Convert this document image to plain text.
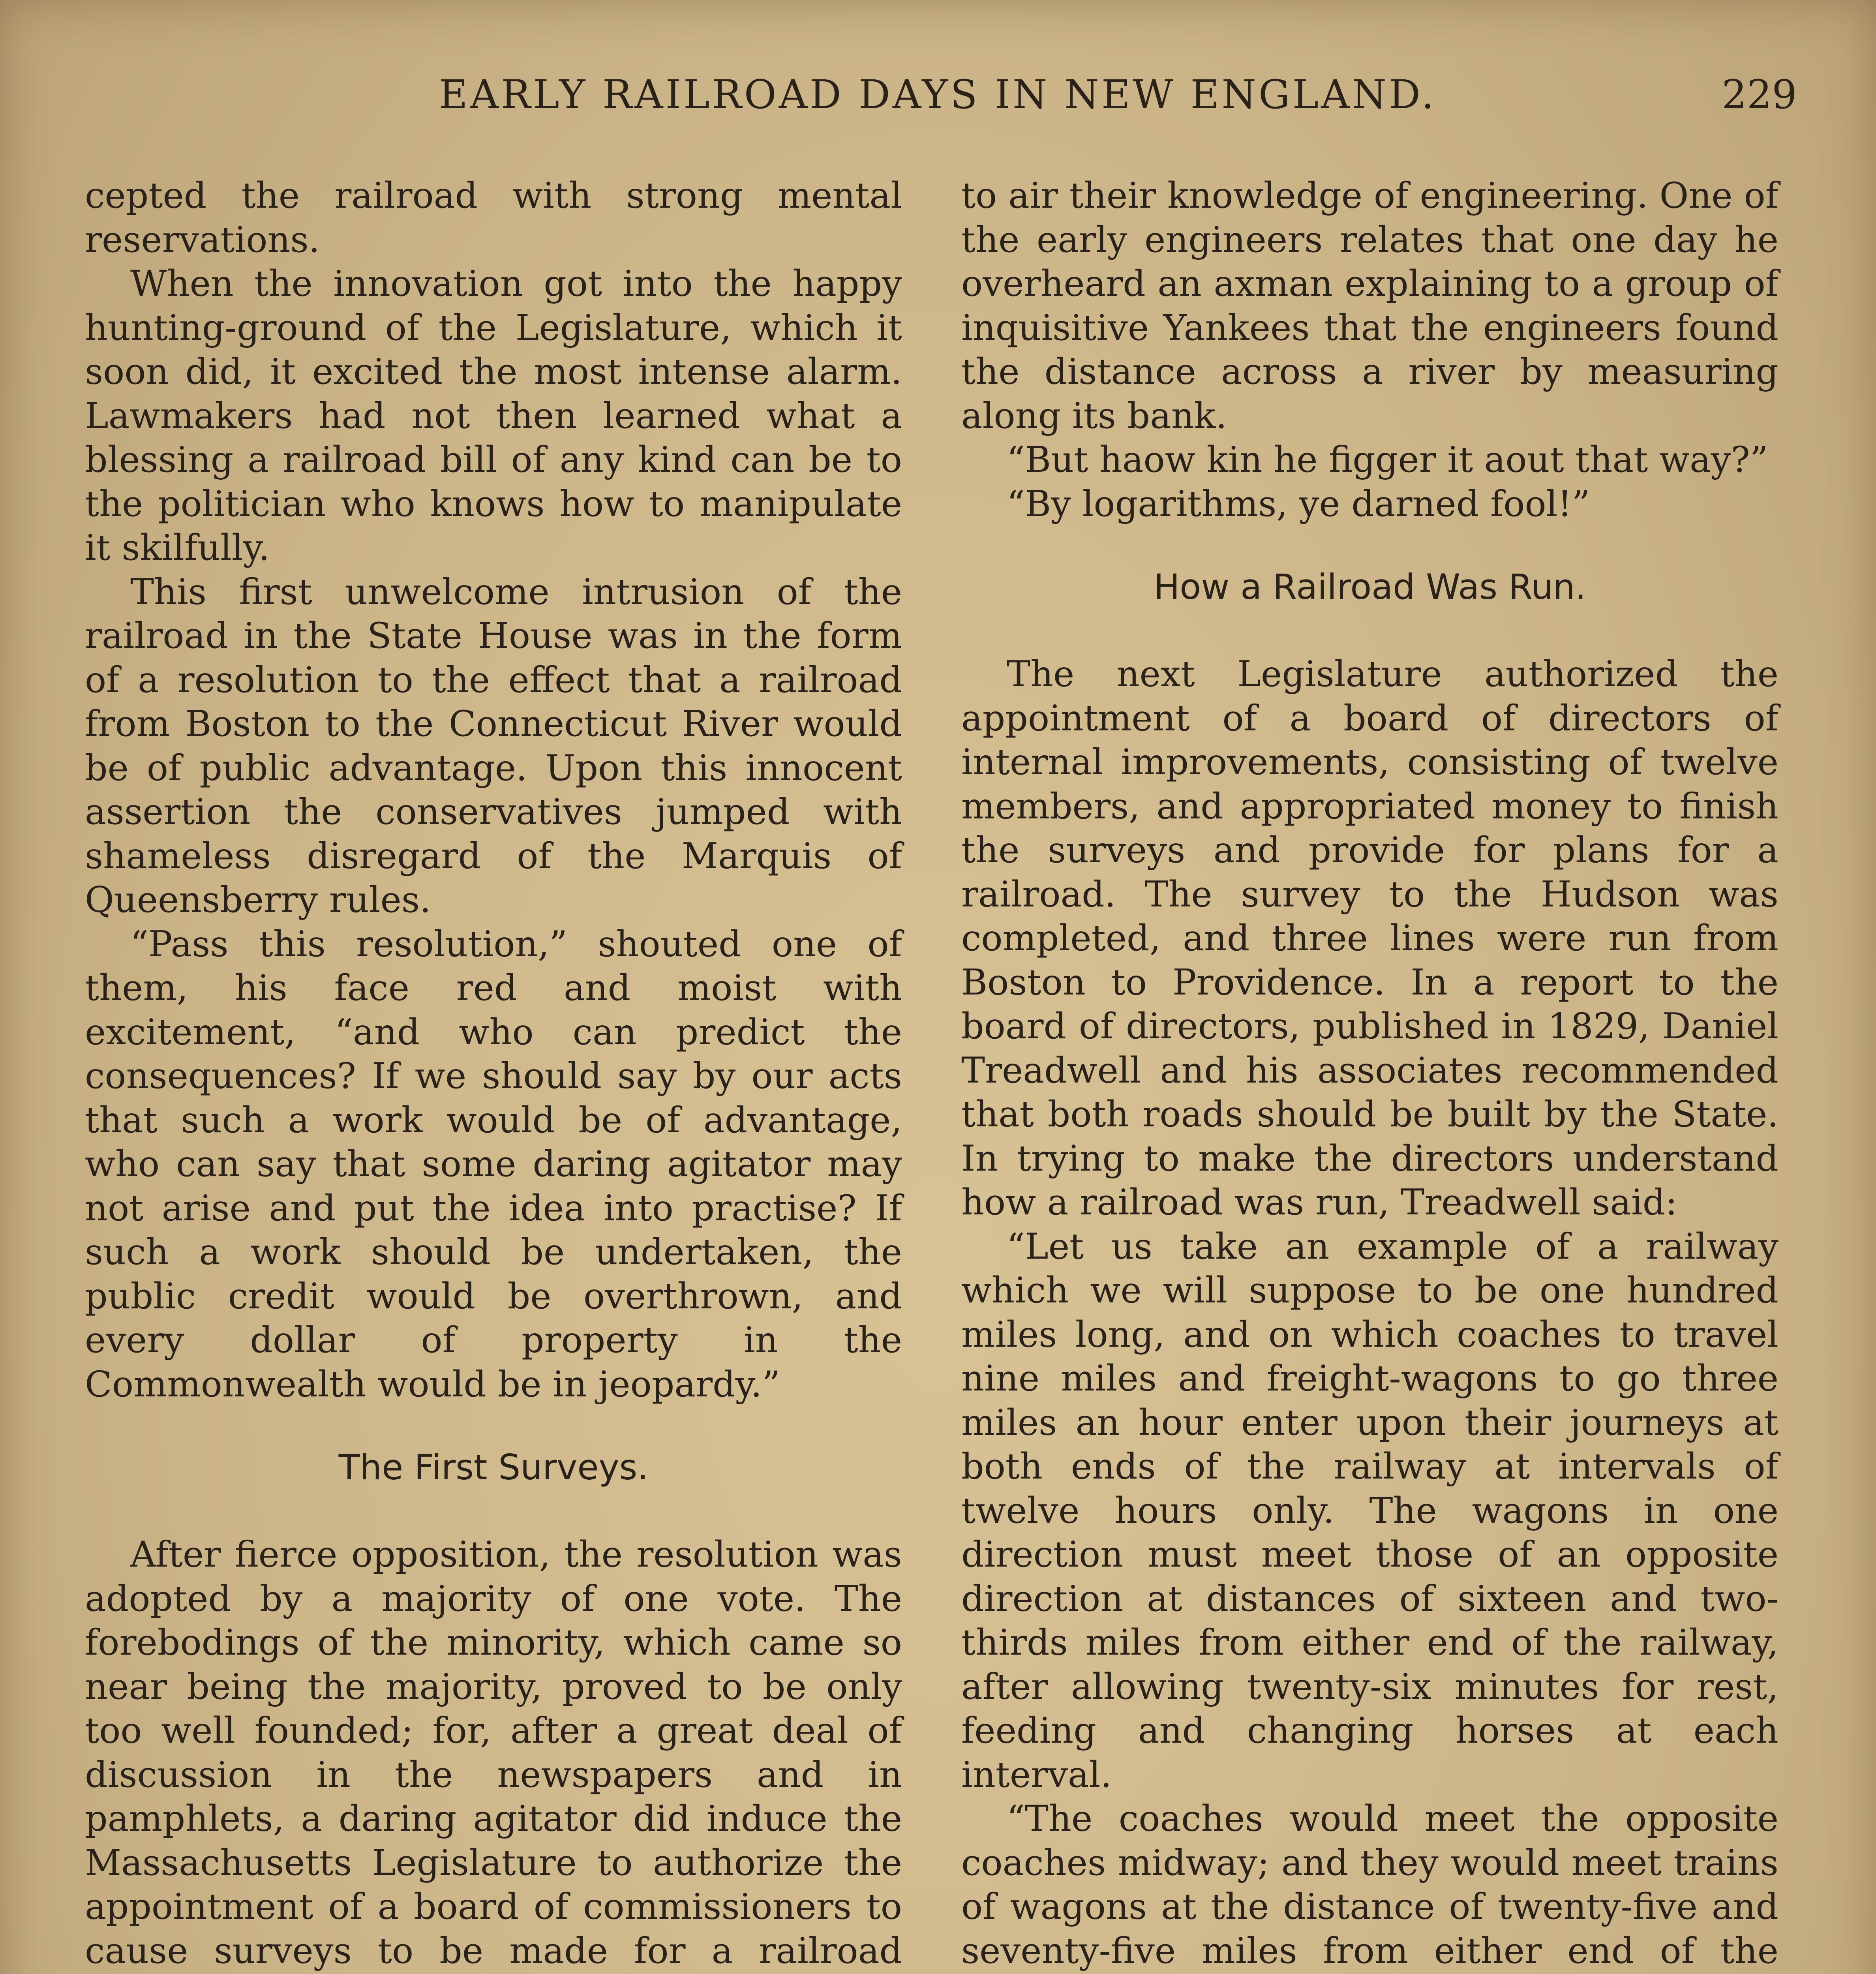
EARLY RAILROAD DAYS IN NEW ENGLAND.	229

cepted the railroad with strong mental reservations.

When the innovation got into the happy hunting-ground of the Legislature, which it soon did, it excited the most intense alarm. Lawmakers had not then learned what a blessing a railroad bill of any kind can be to the politician who knows how to manipulate it skilfully.

This first unwelcome intrusion of the railroad in the State House was in the form of a resolution to the effect that a railroad from Boston to the Connecticut River would be of public advantage. Upon this innocent assertion the conservatives jumped with shameless disregard of the Marquis of Queensberry rules.

“Pass this resolution,” shouted one of them, his face red and moist with excitement, “and who can predict the consequences? If we should say by our acts that such a work would be of advantage, who can say that some daring agitator may not arise and put the idea into practise? If such a work should be undertaken, the public credit would be overthrown, and every dollar of property in the Commonwealth would be in jeopardy.”

The First Surveys.

After fierce opposition, the resolution was adopted by a majority of one vote. The forebodings of the minority, which came so near being the majority, proved to be only too well founded; for, after a great deal of discussion in the newspapers and in pamphlets, a daring agitator did induce the Massachusetts Legislature to authorize the appointment of a board of commissioners to cause surveys to be made for a railroad

to air their knowledge of engineering. One of the early engineers relates that one day he overheard an axman explaining to a group of inquisitive Yankees that the engineers found the distance across a river by measuring along its bank.

“But haow kin he figger it aout that way?”

“By logarithms, ye darned fool!”

How a Railroad Was Run.

The next Legislature authorized the appointment of a board of directors of internal improvements, consisting of twelve members, and appropriated money to finish the surveys and provide for plans for a railroad. The survey to the Hudson was completed, and three lines were run from Boston to Providence. In a report to the board of directors, published in 1829, Daniel Treadwell and his associates recommended that both roads should be built by the State. In trying to make the directors understand how a railroad was run, Treadwell said:

“Let us take an example of a railway which we will suppose to be one hundred miles long, and on which coaches to travel nine miles and freight-wagons to go three miles an hour enter upon their journeys at both ends of the railway at intervals of twelve hours only. The wagons in one direction must meet those of an opposite direction at distances of sixteen and two-thirds miles from either end of the railway, after allowing twenty-six minutes for rest, feeding and changing horses at each interval.

“The coaches would meet the opposite coaches midway; and they would meet trains of wagons at the distance of twenty-five and seventy-five miles from either end of the
